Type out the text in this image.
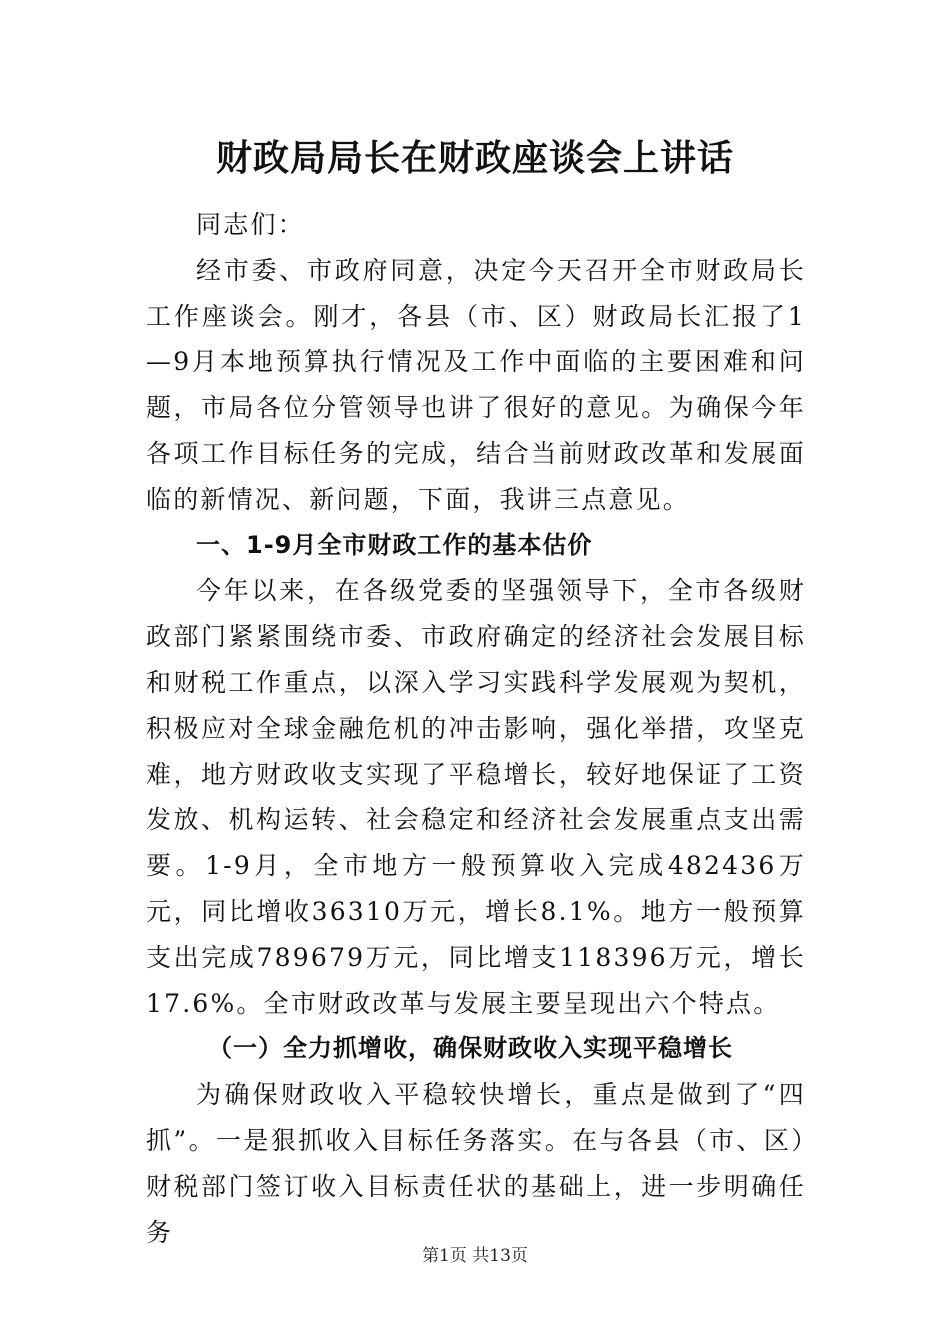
财政局局长在财政座谈会上讲话

同志们：

经市委、市政府同意，决定今天召开全市财政局长工作座谈会。刚才，各县（市、区）财政局长汇报了1—9月本地预算执行情况及工作中面临的主要困难和问题，市局各位分管领导也讲了很好的意见。为确保今年各项工作目标任务的完成，结合当前财政改革和发展面临的新情况、新问题，下面，我讲三点意见。

一、1-9月全市财政工作的基本估价

今年以来，在各级党委的坚强领导下，全市各级财政部门紧紧围绕市委、市政府确定的经济社会发展目标和财税工作重点，以深入学习实践科学发展观为契机，积极应对全球金融危机的冲击影响，强化举措，攻坚克难，地方财政收支实现了平稳增长，较好地保证了工资发放、机构运转、社会稳定和经济社会发展重点支出需要。1-9月，全市地方一般预算收入完成482436万元，同比增收36310万元，增长8.1%。地方一般预算支出完成789679万元，同比增支118396万元，增长17.6%。全市财政改革与发展主要呈现出六个特点。

（一）全力抓增收，确保财政收入实现平稳增长

为确保财政收入平稳较快增长，重点是做到了“四抓”。一是狠抓收入目标任务落实。在与各县（市、区）财税部门签订收入目标责任状的基础上，进一步明确任务

第1页 共13页
